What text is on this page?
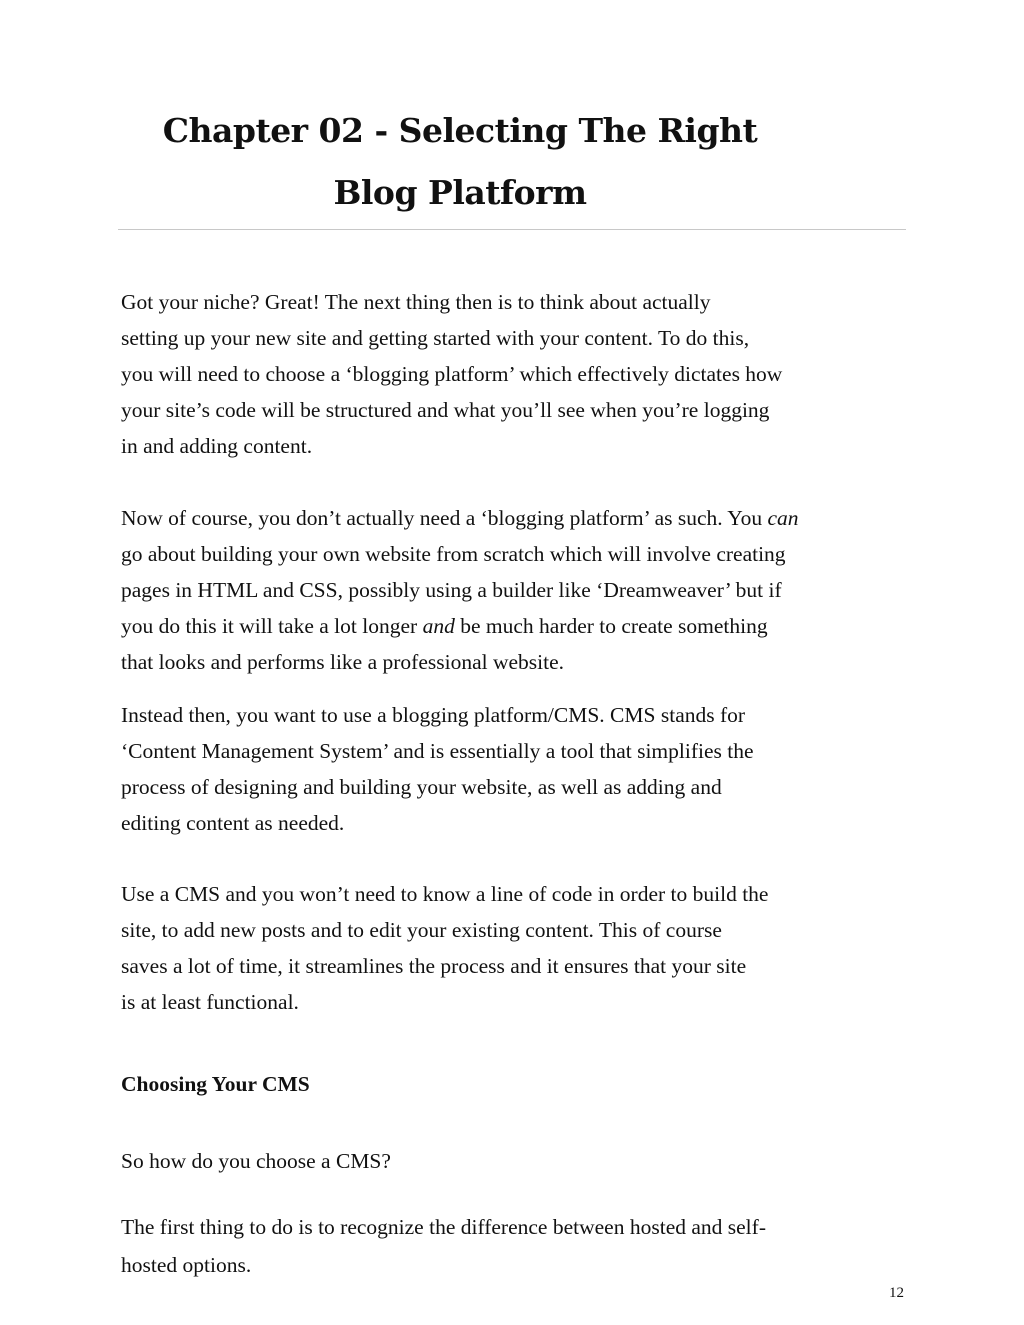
Chapter 02 - Selecting The Right
Blog Platform

Got your niche? Great! The next thing then is to think about actually
setting up your new site and getting started with your content. To do this,
you will need to choose a ‘blogging platform’ which effectively dictates how
your site’s code will be structured and what you’ll see when you’re logging
in and adding content.

Now of course, you don’t actually need a ‘blogging platform’ as such. You can
go about building your own website from scratch which will involve creating
pages in HTML and CSS, possibly using a builder like ‘Dreamweaver’ but if
you do this it will take a lot longer and be much harder to create something
that looks and performs like a professional website.

Instead then, you want to use a blogging platform/CMS. CMS stands for
‘Content Management System’ and is essentially a tool that simplifies the
process of designing and building your website, as well as adding and
editing content as needed.

Use a CMS and you won’t need to know a line of code in order to build the
site, to add new posts and to edit your existing content. This of course
saves a lot of time, it streamlines the process and it ensures that your site
is at least functional.

Choosing Your CMS

So how do you choose a CMS?

The first thing to do is to recognize the difference between hosted and self-
hosted options.

12
